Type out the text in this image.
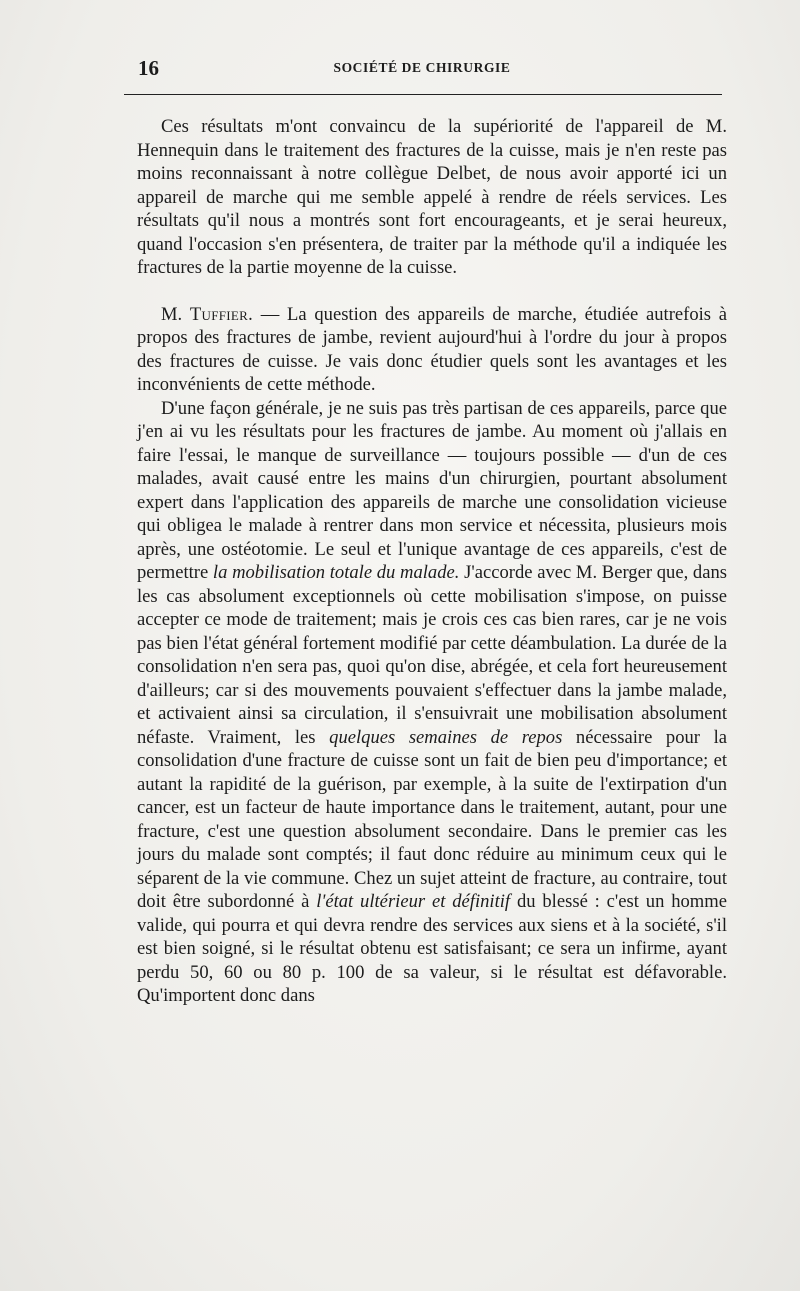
16	SOCIÉTÉ DE CHIRURGIE

Ces résultats m'ont convaincu de la supériorité de l'appareil de M. Hennequin dans le traitement des fractures de la cuisse, mais je n'en reste pas moins reconnaissant à notre collègue Delbet, de nous avoir apporté ici un appareil de marche qui me semble appelé à rendre de réels services. Les résultats qu'il nous a montrés sont fort encourageants, et je serai heureux, quand l'occasion s'en présentera, de traiter par la méthode qu'il a indiquée les fractures de la partie moyenne de la cuisse.

M. Tuffier. — La question des appareils de marche, étudiée autrefois à propos des fractures de jambe, revient aujourd'hui à l'ordre du jour à propos des fractures de cuisse. Je vais donc étudier quels sont les avantages et les inconvénients de cette méthode.

D'une façon générale, je ne suis pas très partisan de ces appareils, parce que j'en ai vu les résultats pour les fractures de jambe. Au moment où j'allais en faire l'essai, le manque de surveillance — toujours possible — d'un de ces malades, avait causé entre les mains d'un chirurgien, pourtant absolument expert dans l'application des appareils de marche une consolidation vicieuse qui obligea le malade à rentrer dans mon service et nécessita, plusieurs mois après, une ostéotomie. Le seul et l'unique avantage de ces appareils, c'est de permettre la mobilisation totale du malade. J'accorde avec M. Berger que, dans les cas absolument exceptionnels où cette mobilisation s'impose, on puisse accepter ce mode de traitement; mais je crois ces cas bien rares, car je ne vois pas bien l'état général fortement modifié par cette déambulation. La durée de la consolidation n'en sera pas, quoi qu'on dise, abrégée, et cela fort heureusement d'ailleurs; car si des mouvements pouvaient s'effectuer dans la jambe malade, et activaient ainsi sa circulation, il s'ensuivrait une mobilisation absolument néfaste. Vraiment, les quelques semaines de repos nécessaire pour la consolidation d'une fracture de cuisse sont un fait de bien peu d'importance; et autant la rapidité de la guérison, par exemple, à la suite de l'extirpation d'un cancer, est un facteur de haute importance dans le traitement, autant, pour une fracture, c'est une question absolument secondaire. Dans le premier cas les jours du malade sont comptés; il faut donc réduire au minimum ceux qui le séparent de la vie commune. Chez un sujet atteint de fracture, au contraire, tout doit être subordonné à l'état ultérieur et définitif du blessé : c'est un homme valide, qui pourra et qui devra rendre des services aux siens et à la société, s'il est bien soigné, si le résultat obtenu est satisfaisant; ce sera un infirme, ayant perdu 50, 60 ou 80 p. 100 de sa valeur, si le résultat est défavorable. Qu'importent donc dans
